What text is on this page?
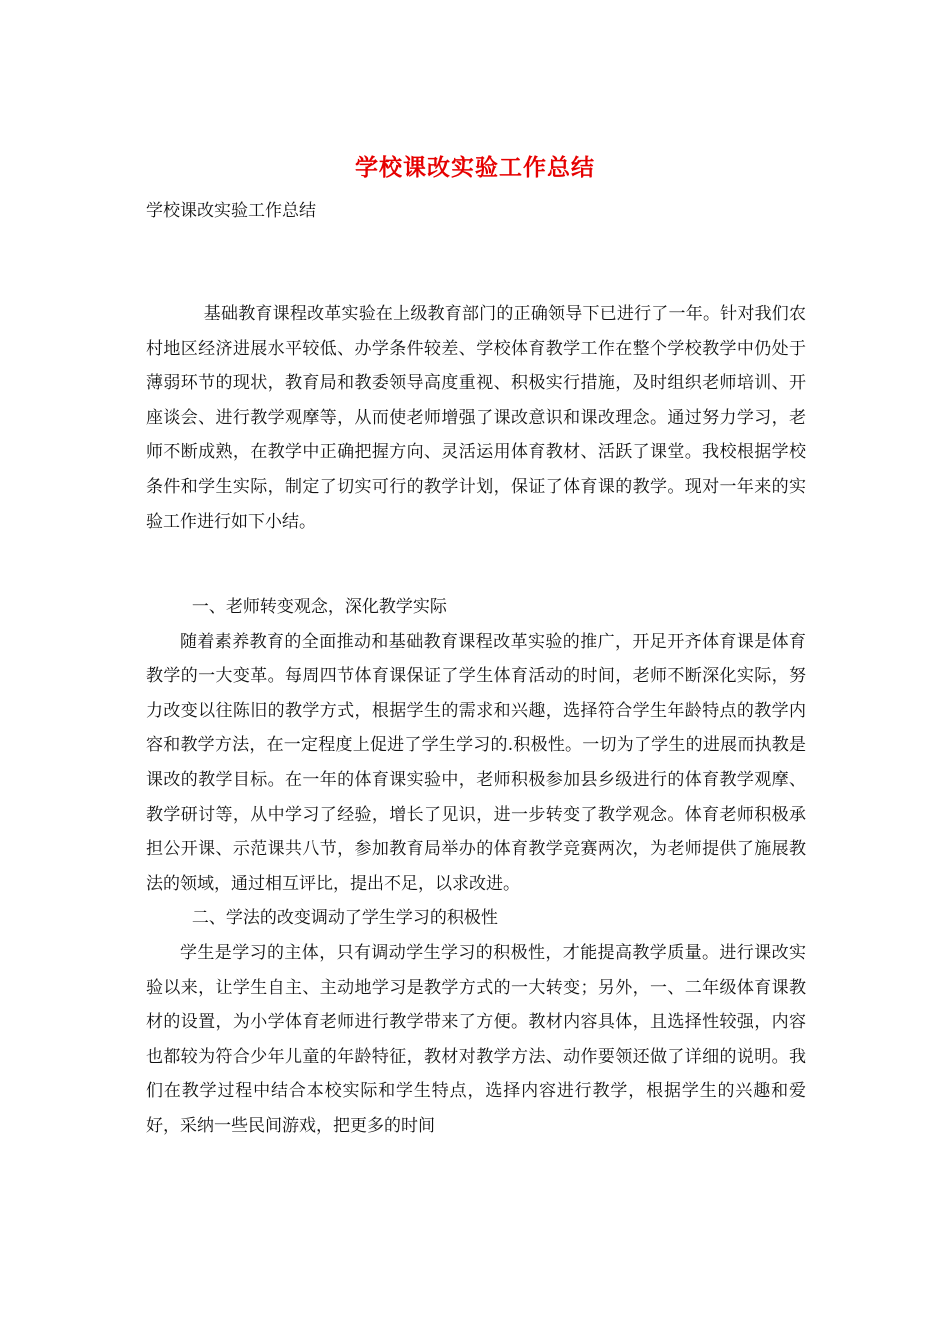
学校课改实验工作总结
学校课改实验工作总结

基础教育课程改革实验在上级教育部门的正确领导下已进行了一年。针对我们农村地区经济进展水平较低、办学条件较差、学校体育教学工作在整个学校教学中仍处于薄弱环节的现状，教育局和教委领导高度重视、积极实行措施，及时组织老师培训、开座谈会、进行教学观摩等，从而使老师增强了课改意识和课改理念。通过努力学习，老师不断成熟，在教学中正确把握方向、灵活运用体育教材、活跃了课堂。我校根据学校条件和学生实际，制定了切实可行的教学计划，保证了体育课的教学。现对一年来的实验工作进行如下小结。

一、老师转变观念，深化教学实际

随着素养教育的全面推动和基础教育课程改革实验的推广，开足开齐体育课是体育教学的一大变革。每周四节体育课保证了学生体育活动的时间，老师不断深化实际，努力改变以往陈旧的教学方式，根据学生的需求和兴趣，选择符合学生年龄特点的教学内容和教学方法，在一定程度上促进了学生学习的.积极性。一切为了学生的进展而执教是课改的教学目标。在一年的体育课实验中，老师积极参加县乡级进行的体育教学观摩、教学研讨等，从中学习了经验，增长了见识，进一步转变了教学观念。体育老师积极承担公开课、示范课共八节，参加教育局举办的体育教学竞赛两次，为老师提供了施展教法的领域，通过相互评比，提出不足，以求改进。

二、学法的改变调动了学生学习的积极性

学生是学习的主体，只有调动学生学习的积极性，才能提高教学质量。进行课改实验以来，让学生自主、主动地学习是教学方式的一大转变；另外，一、二年级体育课教材的设置，为小学体育老师进行教学带来了方便。教材内容具体，且选择性较强，内容也都较为符合少年儿童的年龄特征，教材对教学方法、动作要领还做了详细的说明。我们在教学过程中结合本校实际和学生特点，选择内容进行教学，根据学生的兴趣和爱好，采纳一些民间游戏，把更多的时间
